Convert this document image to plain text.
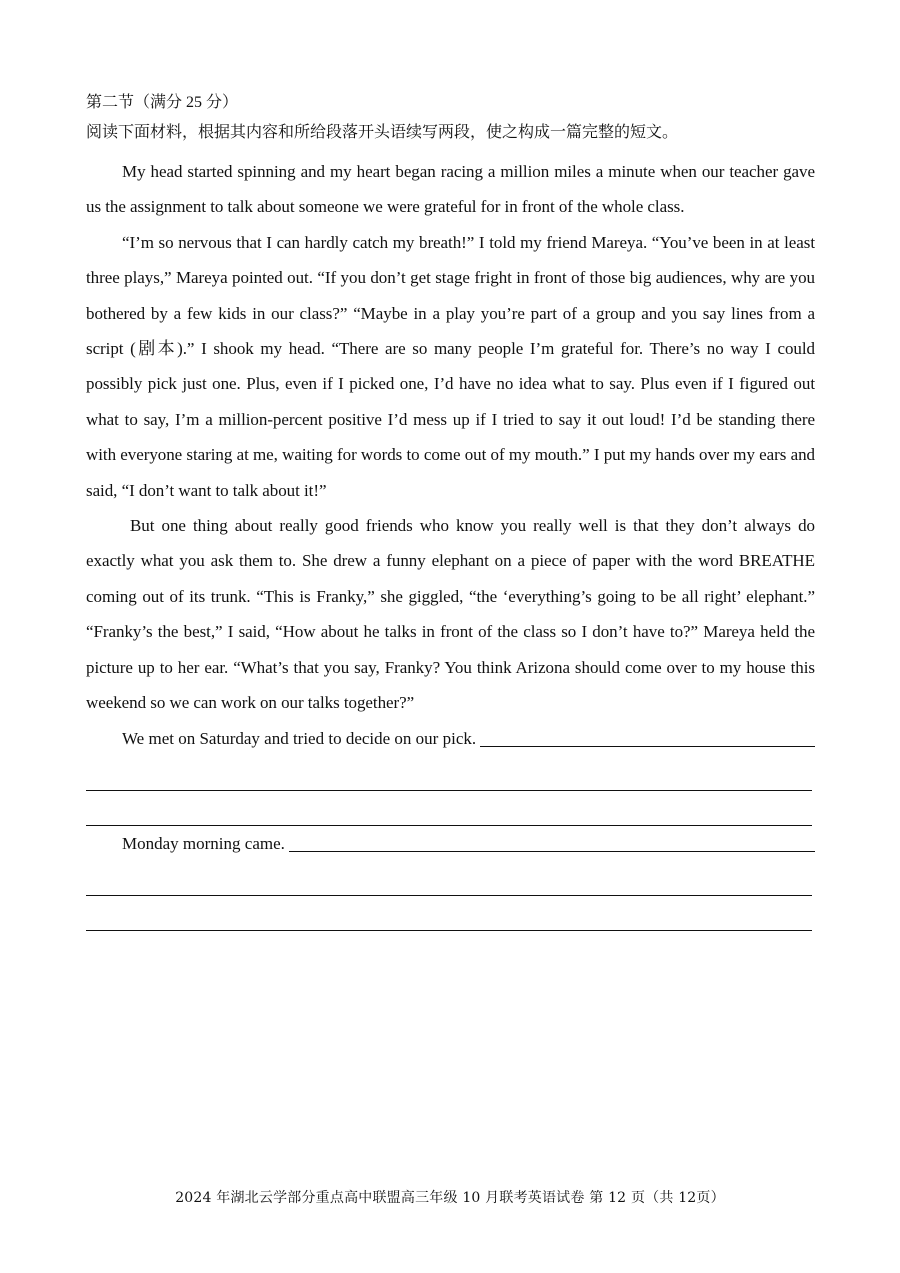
第二节（满分 25 分）

阅读下面材料，根据其内容和所给段落开头语续写两段，使之构成一篇完整的短文。

My head started spinning and my heart began racing a million miles a minute when our teacher gave us the assignment to talk about someone we were grateful for in front of the whole class.

“I’m so nervous that I can hardly catch my breath!” I told my friend Mareya. “You’ve been in at least three plays,” Mareya pointed out. “If you don’t get stage fright in front of those big audiences, why are you bothered by a few kids in our class?” “Maybe in a play you’re part of a group and you say lines from a script (剧本).” I shook my head. “There are so many people I’m grateful for. There’s no way I could possibly pick just one. Plus, even if I picked one, I’d have no idea what to say. Plus even if I figured out what to say, I’m a million-percent positive I’d mess up if I tried to say it out loud! I’d be standing there with everyone staring at me, waiting for words to come out of my mouth.” I put my hands over my ears and said, “I don’t want to talk about it!”

But one thing about really good friends who know you really well is that they don’t always do exactly what you ask them to. She drew a funny elephant on a piece of paper with the word BREATHE coming out of its trunk. “This is Franky,” she giggled, “the ‘everything’s going to be all right’ elephant.” “Franky’s the best,” I said, “How about he talks in front of the class so I don’t have to?” Mareya held the picture up to her ear. “What’s that you say, Franky? You think Arizona should come over to my house this weekend so we can work on our talks together?”

We met on Saturday and tried to decide on our pick.
Monday morning came.
2024 年湖北云学部分重点高中联盟高三年级 10 月联考英语试卷 第 12 页（共 12页）
